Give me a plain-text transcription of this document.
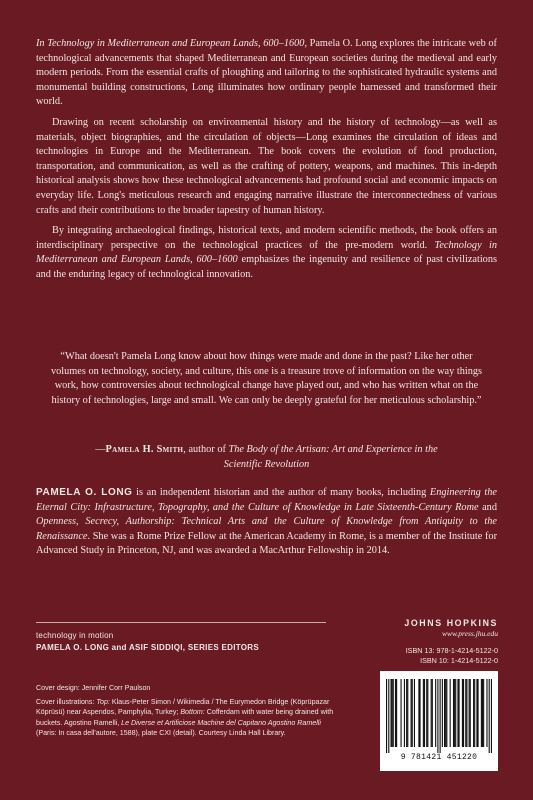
In Technology in Mediterranean and European Lands, 600–1600, Pamela O. Long explores the intricate web of technological advancements that shaped Mediterranean and European societies during the medieval and early modern periods. From the essential crafts of ploughing and tailoring to the sophisticated hydraulic systems and monumental building constructions, Long illuminates how ordinary people harnessed and transformed their world.

Drawing on recent scholarship on environmental history and the history of technology—as well as materials, object biographies, and the circulation of objects—Long examines the circulation of ideas and technologies in Europe and the Mediterranean. The book covers the evolution of food production, transportation, and communication, as well as the crafting of pottery, weapons, and machines. This in-depth historical analysis shows how these technological advancements had profound social and economic impacts on everyday life. Long's meticulous research and engaging narrative illustrate the interconnectedness of various crafts and their contributions to the broader tapestry of human history.

By integrating archaeological findings, historical texts, and modern scientific methods, the book offers an interdisciplinary perspective on the technological practices of the pre-modern world. Technology in Mediterranean and European Lands, 600–1600 emphasizes the ingenuity and resilience of past civilizations and the enduring legacy of technological innovation.

“What doesn't Pamela Long know about how things were made and done in the past? Like her other volumes on technology, society, and culture, this one is a treasure trove of information on the way things work, how controversies about technological change have played out, and who has written what on the history of technologies, large and small. We can only be deeply grateful for her meticulous scholarship.”

—Pamela H. Smith, author of The Body of the Artisan: Art and Experience in the Scientific Revolution
PAMELA O. LONG is an independent historian and the author of many books, including Engineering the Eternal City: Infrastructure, Topography, and the Culture of Knowledge in Late Sixteenth-Century Rome and Openness, Secrecy, Authorship: Technical Arts and the Culture of Knowledge from Antiquity to the Renaissance. She was a Rome Prize Fellow at the American Academy in Rome, is a member of the Institute for Advanced Study in Princeton, NJ, and was awarded a MacArthur Fellowship in 2014.
technology in motion
PAMELA O. LONG and ASIF SIDDIQI, SERIES EDITORS

Cover design: Jennifer Corr Paulson

Cover illustrations: Top: Klaus-Peter Simon / Wikimedia / The Eurymedon Bridge (Köprüpazar Köprüsü) near Aspendos, Pamphylia, Turkey; Bottom: Cofferdam with water being drained with buckets. Agostino Ramelli, Le Diverse et Artificiose Machine del Capitano Agostino Ramelli (Paris: In casa dell'autore, 1588), plate CXI (detail). Courtesy Linda Hall Library.

JOHNS HOPKINS
www.press.jhu.edu
ISBN 13: 978-1-4214-5122-0
ISBN 10: 1-4214-5122-0
9 781421 451220
